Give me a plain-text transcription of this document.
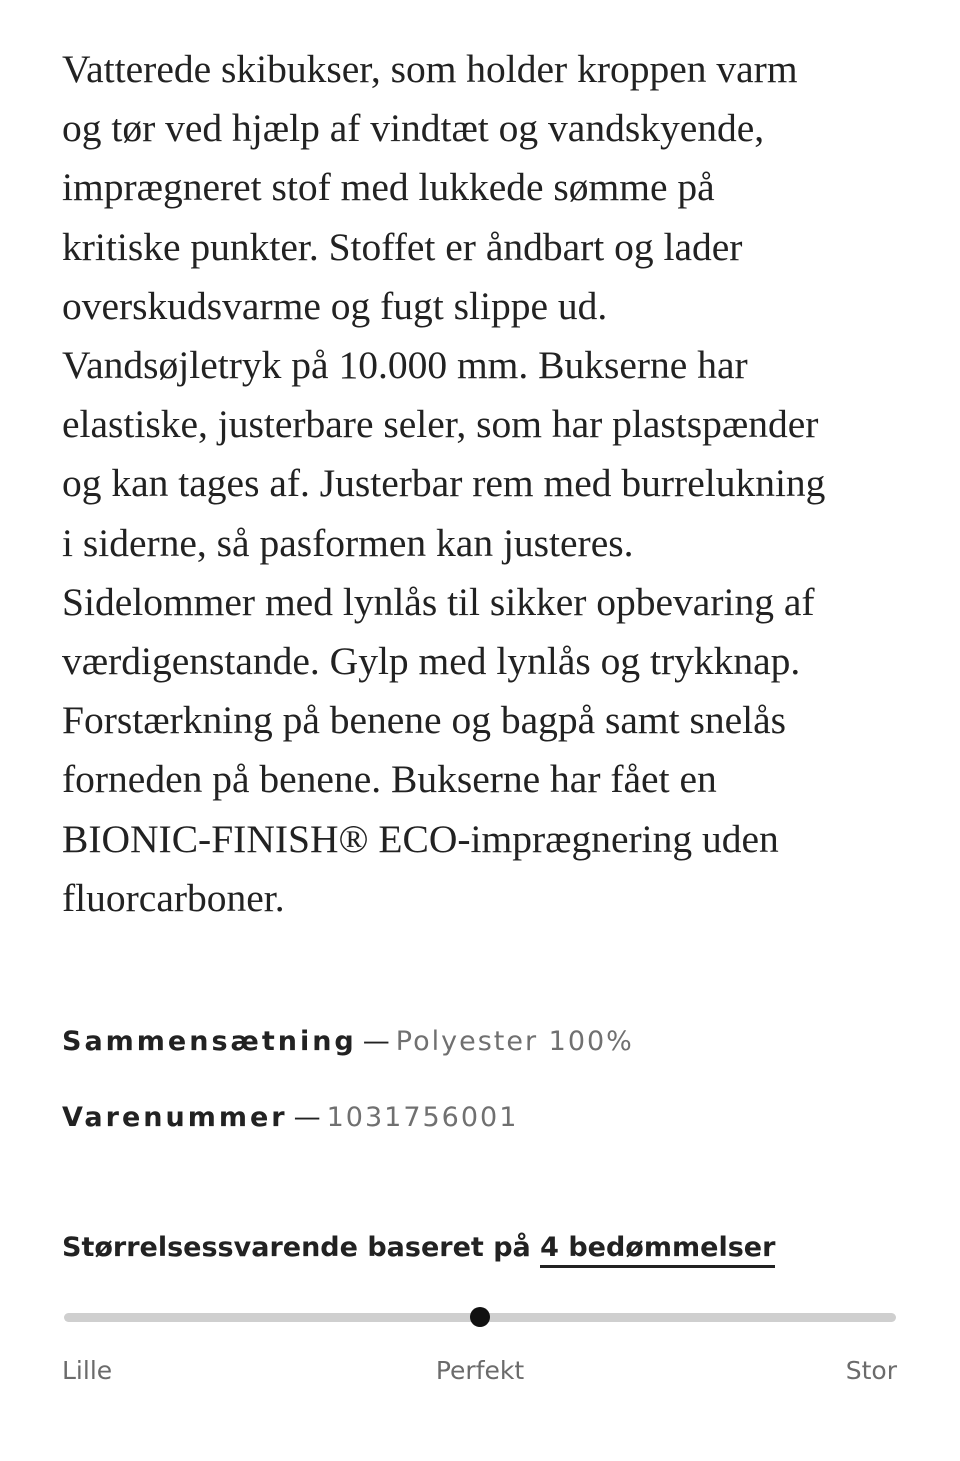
Vatterede skibukser, som holder kroppen varm
og tør ved hjælp af vindtæt og vandskyende,
imprægneret stof med lukkede sømme på
kritiske punkter. Stoffet er åndbart og lader
overskudsvarme og fugt slippe ud.
Vandsøjletryk på 10.000 mm. Bukserne har
elastiske, justerbare seler, som har plastspænder
og kan tages af. Justerbar rem med burrelukning
i siderne, så pasformen kan justeres.
Sidelommer med lynlås til sikker opbevaring af
værdigenstande. Gylp med lynlås og trykknap.
Forstærkning på benene og bagpå samt snelås
forneden på benene. Bukserne har fået en
BIONIC-FINISH® ECO-imprægnering uden
fluorcarboner.

Sammensætning — Polyester 100%
Varenummer — 1031756001
Størrelsessvarende baseret på 4 bedømmelser
Lille	Perfekt	Stor
